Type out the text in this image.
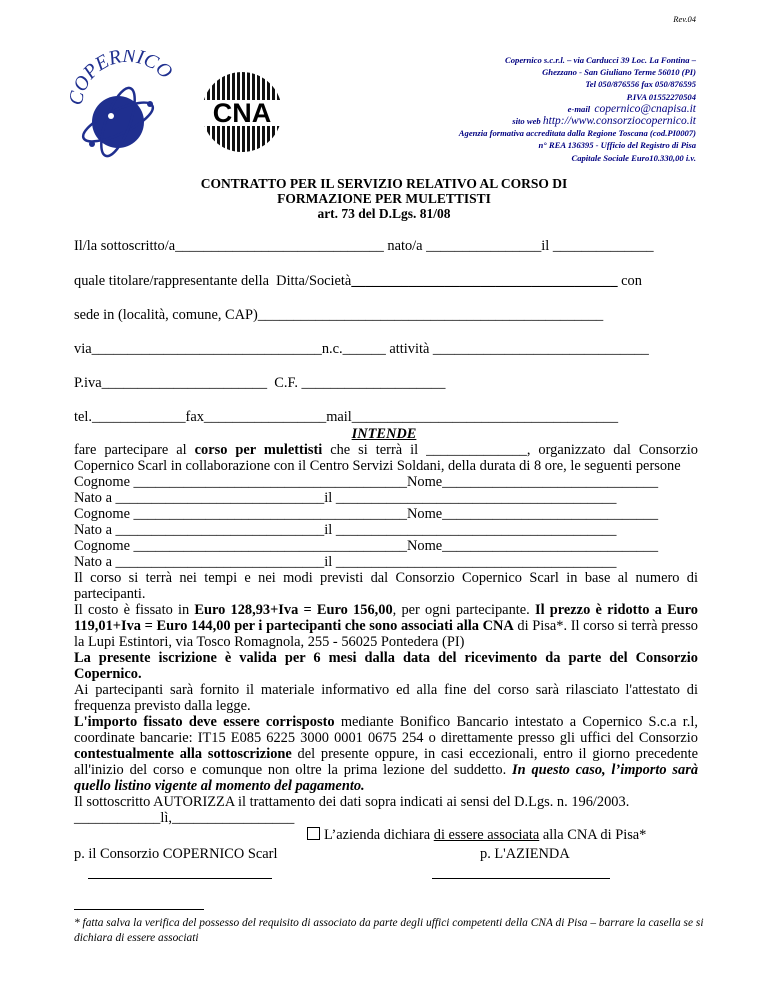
Rev.04
COPERNICO
CNA
Copernico s.c.r.l. – via Carducci 39 Loc. La Fontina –
Ghezzano - San Giuliano Terme 56010 (PI)
Tel 050/876556 fax 050/876595
P.IVA 01552270504
e-mail copernico@cnapisa.it
sito web http://www.consorziocopernico.it
Agenzia formativa accreditata dalla Regione Toscana (cod.PI0007)
n° REA 136395 - Ufficio del Registro di Pisa
Capitale Sociale Euro10.330,00 i.v.
CONTRATTO PER IL SERVIZIO RELATIVO AL CORSO DI
FORMAZIONE PER MULETTISTI
art. 73 del D.Lgs. 81/08
Il/la sottoscritto/a_____________________________ nato/a ________________il ______________
quale titolare/rappresentante della  Ditta/Società_____________________________________ con
sede in (località, comune, CAP)________________________________________________
via________________________________n.c.______ attività ______________________________
P.iva_______________________  C.F. ____________________
tel._____________fax_________________mail_____________________________________
INTENDE

fare partecipare al corso per mulettisti che si terrà il ______________, organizzato dal Consorzio Copernico Scarl in collaborazione con il Centro Servizi Soldani, della durata di 8 ore, le seguenti persone

Cognome ______________________________________Nome______________________________

Nato a _____________________________il _______________________________________

Cognome ______________________________________Nome______________________________

Nato a _____________________________il _______________________________________

Cognome ______________________________________Nome______________________________

Nato a _____________________________il _______________________________________

Il corso si terrà nei tempi e nei modi previsti dal Consorzio Copernico Scarl in base al numero di partecipanti.

Il costo è fissato in Euro 128,93+Iva = Euro 156,00, per ogni partecipante. Il prezzo è ridotto a Euro 119,01+Iva = Euro 144,00 per i partecipanti che sono associati alla CNA di Pisa*. Il corso si terrà presso la Lupi Estintori, via Tosco Romagnola, 255 - 56025 Pontedera (PI)

La presente iscrizione è valida per 6 mesi dalla data del ricevimento da parte del Consorzio Copernico.

Ai partecipanti sarà fornito il materiale informativo ed alla fine del corso sarà rilasciato l'attestato di frequenza previsto dalla legge.

L'importo fissato deve essere corrisposto mediante Bonifico Bancario intestato a Copernico S.c.a r.l, coordinate bancarie: IT15 E085 6225 3000 0001 0675 254 o direttamente presso gli uffici del Consorzio contestualmente alla sottoscrizione del presente oppure, in casi eccezionali, entro il giorno precedente all'inizio del corso e comunque non oltre la prima lezione del suddetto. In questo caso, l’importo sarà quello listino vigente al momento del pagamento.

Il sottoscritto AUTORIZZA il trattamento dei dati sopra indicati ai sensi del D.Lgs. n. 196/2003.

____________lì,_________________

L’azienda dichiara di essere associata alla CNA di Pisa*
p. il Consorzio COPERNICO Scarl	p. L'AZIENDA
* fatta salva la verifica del possesso del requisito di associato da parte degli uffici competenti della CNA di Pisa – barrare la casella se si dichiara di essere associati
